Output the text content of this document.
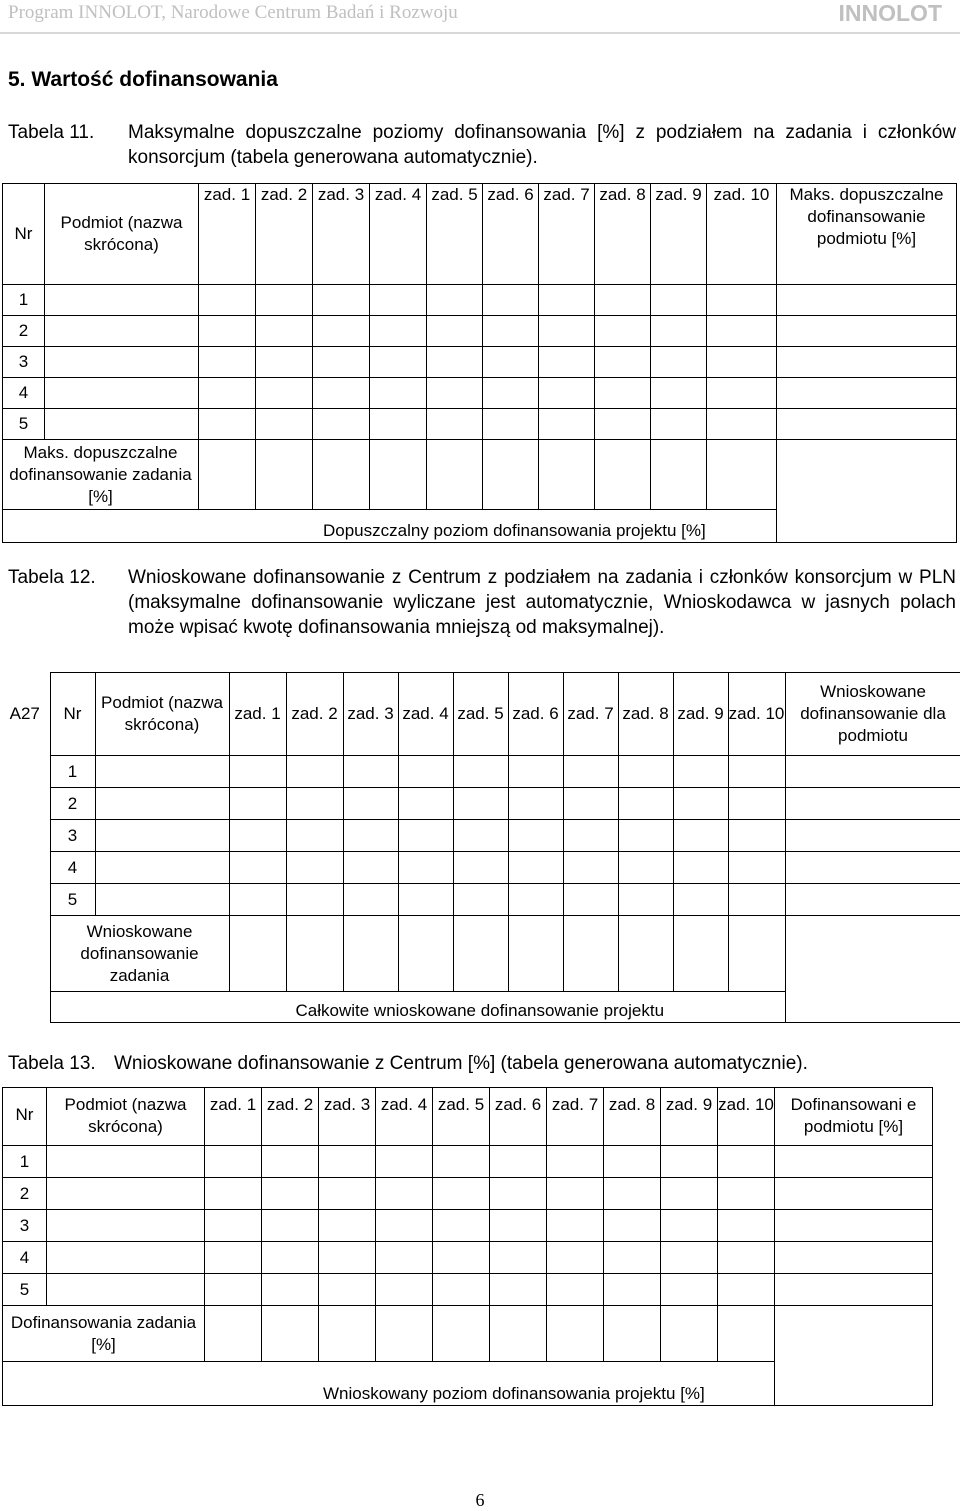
Program INNOLOT, Narodowe Centrum Badań i Rozwoju	INNOLOT
5. Wartość dofinansowania
Tabela 11. Maksymalne dopuszczalne poziomy dofinansowania [%] z podziałem na zadania i członków konsorcjum (tabela generowana automatycznie).
Nr	Podmiot (nazwa skrócona)	zad. 1	zad. 2	zad. 3	zad. 4	zad. 5	zad. 6	zad. 7	zad. 8	zad. 9	zad. 10	Maks. dopuszczalne dofinansowanie podmiotu [%]
1												
2												
3												
4												
5												
Maks. dopuszczalne dofinansowanie zadania [%]												
Dopuszczalny poziom dofinansowania projektu [%]												
Tabela 12. Wnioskowane dofinansowanie z Centrum z podziałem na zadania i członków konsorcjum w PLN (maksymalne dofinansowanie wyliczane jest automatycznie, Wnioskodawca w jasnych polach może wpisać kwotę dofinansowania mniejszą od maksymalnej).
A27	Nr	Podmiot (nazwa skrócona)	zad. 1	zad. 2	zad. 3	zad. 4	zad. 5	zad. 6	zad. 7	zad. 8	zad. 9	zad. 10	Wnioskowane dofinansowanie dla podmiotu
	1												
	2												
	3												
	4												
	5												
	Wnioskowane dofinansowanie zadania												
	Całkowite wnioskowane dofinansowanie projektu												
Tabela 13. Wnioskowane dofinansowanie z Centrum [%] (tabela generowana automatycznie).
Nr	Podmiot (nazwa skrócona)	zad. 1	zad. 2	zad. 3	zad. 4	zad. 5	zad. 6	zad. 7	zad. 8	zad. 9	zad. 10	Dofinansowani e podmiotu [%]
1												
2												
3												
4												
5												
Dofinansowania zadania [%]												
Wnioskowany poziom dofinansowania projektu [%]												
6
